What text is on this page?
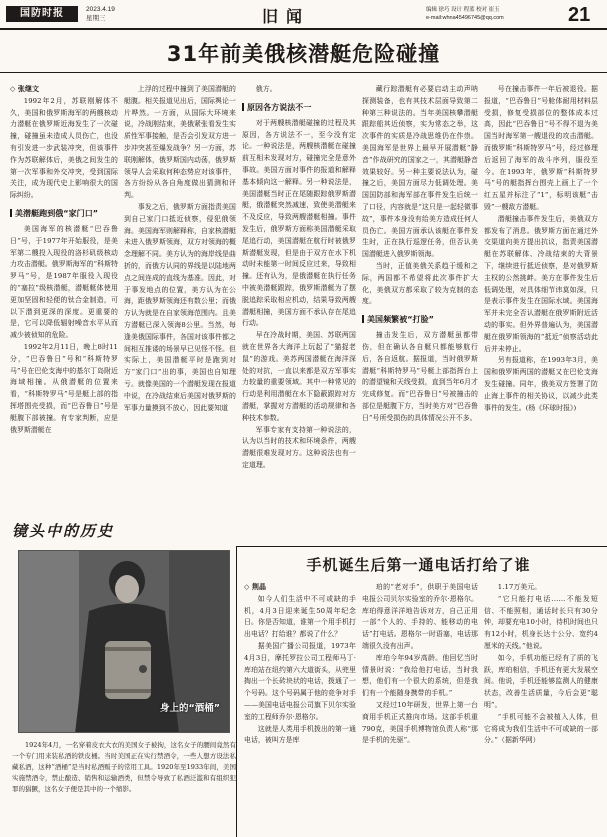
国防时报	2023.4.19
星期三	旧闻	编辑 徐巧 设计 程蓝 校对 崔玉
e-mail:whna45496745@qq.com	21
31年前美俄核潜艇危险碰撞
◇ 张继文

1992年2月，苏联刚解体不久，美国和俄罗斯海军的两艘核动力潜艇在俄罗斯近海发生了一次碰撞，碰撞虽未造成人员伤亡，也没有引发进一步武装冲突，但该事件作为苏联解体后，美俄之间发生的第一次军事和外交冲突，受到国际关注，成为现代史上影响很大的国际纠纷。

美潜艇跑到俄“家门口”

美国海军的核潜艇“巴吞鲁日”号，于1977年开始服役，是美军第二艘投入现役的洛杉矶级核动力攻击潜艇。俄罗斯海军的“科斯特罗马”号，是1987年服役入现役的“塞拉”级核潜艇，潜艇艇体使用更加坚固和轻便的钛合金制造，可以下潜到更深的深度。更重要的是，它可以降低辐射噪音水平从而减少被侦知的危险。

1992年2月11日，晚上8时11分，“巴吞鲁日”号和“科斯特罗马”号在巴伦支海中的基尔丁岛附近海域相撞。从俄潜艇的位置来看，“科斯特罗马”号是艇上部的指挥塔围壳受损，而“巴吞鲁日”号是艇腹下部被撞。有专家判断，应是俄罗斯潜艇在

上浮的过程中撞到了美国潜艇的艇腹。相关报道见出后，国际舆论一片哗然。一方面，从国际大环境来说，冷战刚结束，美俄紧张看发生实质性军事接触，是否会引发双方进一步冲突甚至爆发战争？另一方面，苏联刚解体，俄罗斯国内动荡，俄罗斯领导人会采取何种态势应对该事件，各方纷纷从各自角度做出猜测和评判。

事发之后，俄罗斯方面指责美国到自己家门口抵近侦察，侵犯俄领海。美国海军则解释称，自家核潜艇未进入俄罗斯领海，双方对领海的概念理解不同。美方认为的海岸线是曲折的，而俄方认同的界线是以陆地两点之间连成的直线为基准。因此，对于事发地点的位置，美方认为在公海，距俄罗斯领海还有数公里；而俄方认为就是在自家领海范围内。且美方潜艇已深入领海8公里。当然，每逢美俄国际事件，各国对该事件都之间相互推诿的场景早已见怪不怪。但实际上，美国潜艇平时是跑到对方“家门口”出的事，美国也自知理亏。就像美国的一个潜艇发现在报道中说，在冷战结束后美国对俄罗斯的军事力量摸到不放心，因此要知道

俄方。

原因各方说法不一

对于两艘核潜艇碰撞的过程及其原因，各方说法不一，至今没有定论。一种说法是，两艘核潜艇在碰撞前互相未发现对方，碰撞完全是意外事故。美国方面对事件的报道和解释基本倾向这一解释。另一种说法是，美国潜艇当时正在尾随跟踪俄罗斯潜艇，俄潜艇突然减速，致使美潜艇来不及反应，导致两艘潜艇相撞。事件发生后，俄罗斯方面称美国潜艇采取尾追行动，美国潜艇在航行时被俄罗斯潜艇发现，但是由于双方在水下机动时未能第一时间反应过来，导致相撞。还有认为，是俄潜艇在执行任务中被美潜艇跟踪，俄罗斯潜艇为了摆脱追踪采取相应机动，结果导致两艘潜艇相撞，美国方面不承认存在尾追行动。

早在冷战时期，美国、苏联两国就在世界各大海洋上玩起了“猫捉老鼠”的游戏。美苏两国潜艇在海洋深处的对抗，一直以来都是双方军事实力较量的重要领域。其中一种常见的行动是利用潜艇在水下隐蔽跟踪对方潜艇，掌握对方潜艇的活动规律和各种技术参数。

军事专家有支持第一种说法的，认为以当时的技术和环境条件，两艘潜艇很难发现对方。这种说法也有一定道理。

藏行踪潜艇有必要启动主动声呐探测装备，也有其技术层面导致第二种第三种说法的。当年美国核攀潜艇跟踪船其近侦察，实为常态之举，这次事件的实质是冷战思维仍在作祟。美国海军是世界上最早开展潜艇“静音”作战研究的国家之一，其潜艇静音效果较好。另一种主要说法认为，碰撞之后，美国方面尽力低调处理。美国国防部和海军部在事件发生后统一了口径，内容就是“这只是一起轻微事故”，事件本身没有给美方造成任何人员伤亡。美国方面承认该艇在事件发生时，正在执行巡逻任务，但否认美国潜艇进入俄罗斯领海。

当时，正值美俄关系趋于缓和之际，两国都不希望将此次事件扩大化，美俄双方都采取了较为克制的态度。

美国频繁被“打脸”

撞击发生后，双方潜艇虽都带伤，但在确认各自艇只都能够航行后，各自返航。据报道，当时俄罗斯潜艇“科斯特罗马”号艇上部指挥台上的潜望镜和天线受损，直到当年6月才完成修复。而“巴吞鲁日”号被撞击的部位是艇腹下方，当时美方对“巴吞鲁日”号所受损伤的具体情况公开不多。

号在撞击事件一年后被退役。据报道，“巴吞鲁日”号舱体耐用材料层受损，修复受损部位的整体成本过高，因此“巴吞鲁日”号不得不退为美国当时海军第一艘退役的攻击潜艇。而俄罗斯“科斯特罗马”号，经过修理后返回了海军的战斗序列，服役至今。在1993年，俄罗斯“科斯特罗马”号的艇指挥台围壳上画上了一个红五星并标注了“1”，标明该艇“击毁”一艘敌方潜艇。

潜艇撞击事件发生后，美俄双方都发布了消息。俄罗斯方面在通过外交渠道向美方提出抗议，指责美国潜艇在苏联解体、冷战结束的大背景下，继续进行抵近侦察，是对俄罗斯主权的公然挑衅。美方在事件发生后低调处理，对具体细节讳莫如深，只是表示事件发生在国际水域。美国海军并未完全否认潜艇在俄罗斯附近活动的事实。但外界普遍认为，美国潜艇在俄罗斯领海的“抵近”侦察活动此后并未停止。

另有报道称，在1993年3月，美国和俄罗斯两国的潜艇又在巴伦支海发生碰撞。同年，俄美双方签署了防止海上事件的相关协议，以减少此类事件的发生。(杨《环球时报》)

镜头中的历史
身上的“酒桶”

1924年4月，一名穿着皮衣大衣的美国女子被拘，这名女子的腰间竟然有一个专门用来装私酒的铁皮桶。当时美国正在实行禁酒令，一些人想方设法私藏私酒，这种“酒桶”是当时私酒贩子的常用工具。1920年至1933年间，美国实施禁酒令，禁止酿造、销售和运输酒类，但禁令导致了私酒泛滥和有组织犯罪的猖獗，这名女子便是其中的一个缩影。

手机诞生后第一通电话打给了谁
◇ 荆晶

如今人们生活中不可或缺的手机，4月3日迎来诞生50周年纪念日。你是否知道，谁第一个用手机打出电话？打给谁？都说了什么？

据美国广播公司报道，1973年4月3日，摩托罗拉公司工程师马丁·库珀站在纽约第六大道街头，从兜里掏出一个长砖块状的电话，拨通了一个号码。这个号码属于他的竞争对手——美国电话电报公司旗下贝尔实验室的工程师乔尔·恩格尔。

这就是人类用手机拨出的第一通电话，被叫方是库

珀的“老对手”，供职于美国电话电报公司贝尔实验室的乔尔·恩格尔。库珀得意洋洋地告诉对方，自己正用一部“个人的、手持的、能移动的电话”打电话。恩格尔一时语塞，电话那端很久没有出声。

库珀今年94岁高龄。他回忆当时情景时说：“我给他打电话，当时我想，他们有一个很大的系统，但是我们有一个能随身携带的手机。”

又经过10年研发，世界上第一台商用手机正式推向市场。这部手机重790克，美国手机博物馆负责人称“那是手机的先驱”。

1.17万美元。

“它只能打电话……不能发短信、不能照相，通话时长只有30分钟，却要充电10小时，待机时间也只有12小时，机身长达十公分、宽约4厘米的天线。”他说。

如今，手机功能已经有了质的飞跃，库珀相信，手机还有更大发展空间。他说，手机还能够监测人的健康状态，改善生活质量，今后会更“聪明”。

“手机可能不会被植入人体，但它将成为我们生活中不可或缺的一部分。”（据新华网）
